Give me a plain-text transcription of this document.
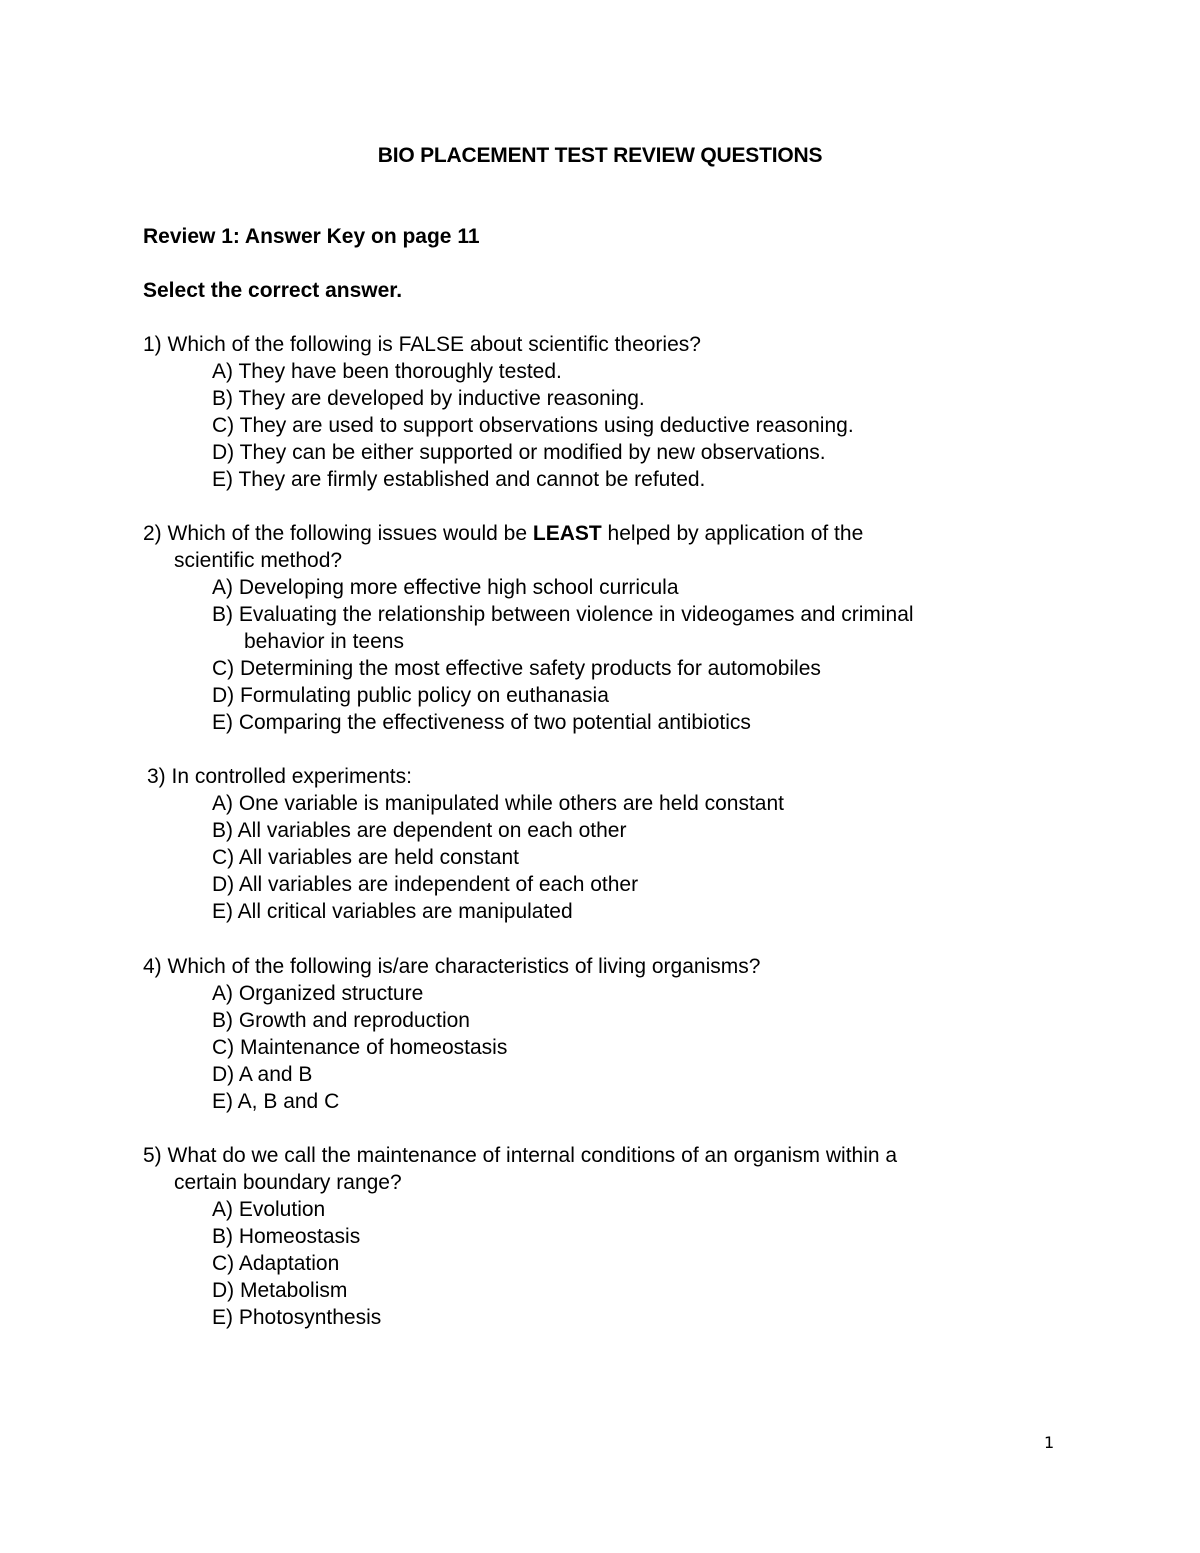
BIO PLACEMENT TEST REVIEW QUESTIONS
Review 1: Answer Key on page 11
Select the correct answer.
1) Which of the following is FALSE about scientific theories?
A) They have been thoroughly tested.
B) They are developed by inductive reasoning.
C) They are used to support observations using deductive reasoning.
D) They can be either supported or modified by new observations.
E) They are firmly established and cannot be refuted.
2) Which of the following issues would be LEAST helped by application of the
scientific method?
A) Developing more effective high school curricula
B) Evaluating the relationship between violence in videogames and criminal
behavior in teens
C) Determining the most effective safety products for automobiles
D) Formulating public policy on euthanasia
E) Comparing the effectiveness of two potential antibiotics
3) In controlled experiments:
A) One variable is manipulated while others are held constant
B) All variables are dependent on each other
C) All variables are held constant
D) All variables are independent of each other
E) All critical variables are manipulated
4) Which of the following is/are characteristics of living organisms?
A) Organized structure
B) Growth and reproduction
C) Maintenance of homeostasis
D) A and B
E) A, B and C
5) What do we call the maintenance of internal conditions of an organism within a
certain boundary range?
A) Evolution
B) Homeostasis
C) Adaptation
D) Metabolism
E) Photosynthesis
1
